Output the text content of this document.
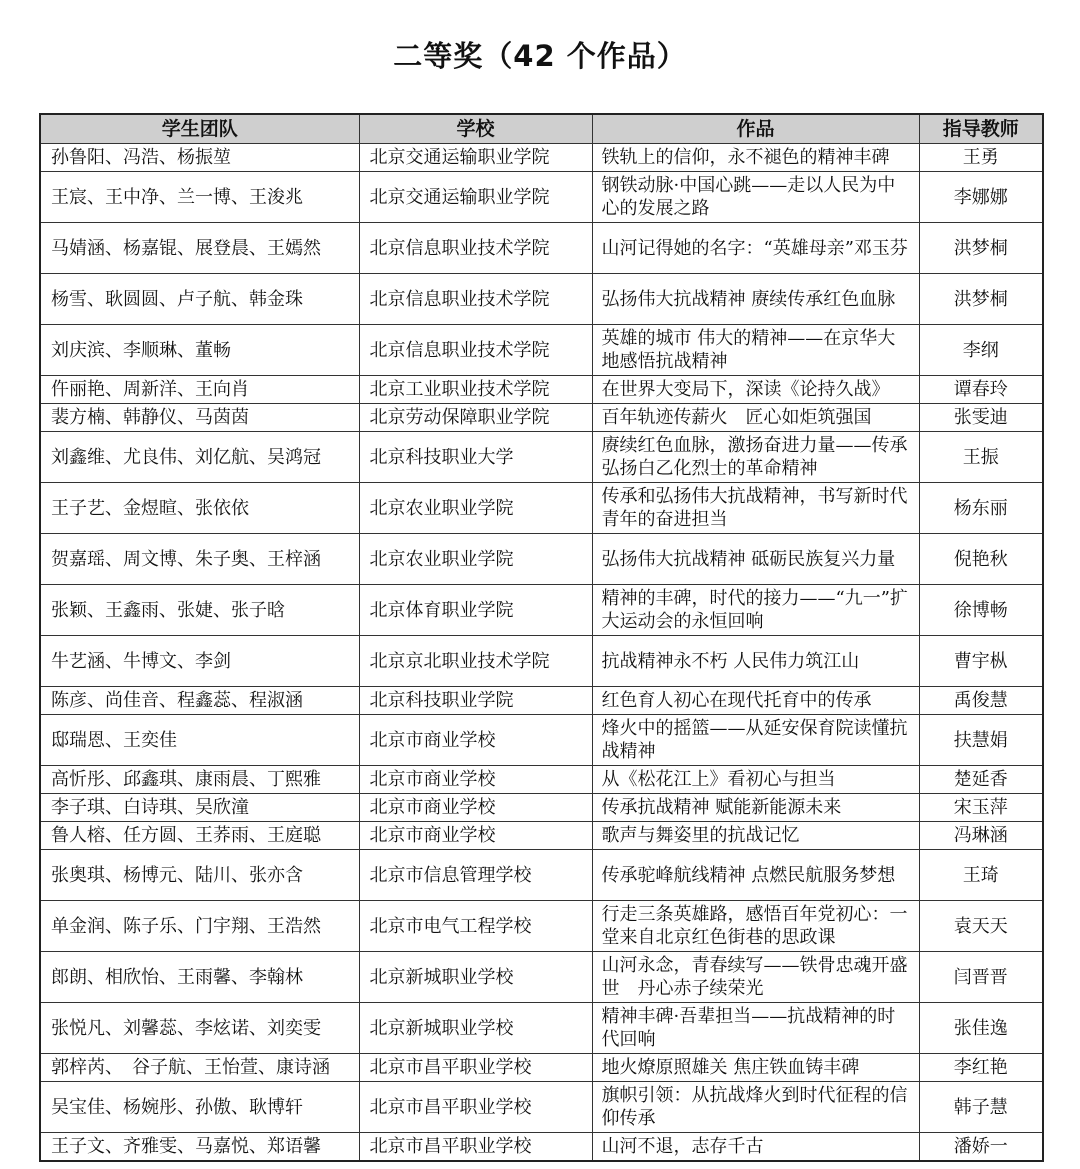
二等奖（42 个作品）
学生团队	学校	作品	指导教师
孙鲁阳、冯浩、杨振堃	北京交通运输职业学院	铁轨上的信仰，永不褪色的精神丰碑	王勇
王宸、王中净、兰一博、王浚兆	北京交通运输职业学院	钢铁动脉·中国心跳——走以人民为中心的发展之路	李娜娜
马婧涵、杨嘉锟、展登晨、王嫣然	北京信息职业技术学院	山河记得她的名字：“英雄母亲”邓玉芬	洪梦桐
杨雪、耿圆圆、卢子航、韩金珠	北京信息职业技术学院	弘扬伟大抗战精神 赓续传承红色血脉	洪梦桐
刘庆滨、李顺琳、董畅	北京信息职业技术学院	英雄的城市 伟大的精神——在京华大地感悟抗战精神	李纲
仵丽艳、周新洋、王向肖	北京工业职业技术学院	在世界大变局下，深读《论持久战》	谭春玲
裴方楠、韩静仪、马茵茵	北京劳动保障职业学院	百年轨迹传薪火　匠心如炬筑强国	张雯迪
刘鑫维、尤良伟、刘亿航、吴鸿冠	北京科技职业大学	赓续红色血脉，激扬奋进力量——传承弘扬白乙化烈士的革命精神	王振
王子艺、金煜暄、张依依	北京农业职业学院	传承和弘扬伟大抗战精神，书写新时代青年的奋进担当	杨东丽
贺嘉瑶、周文博、朱子奥、王梓涵	北京农业职业学院	弘扬伟大抗战精神 砥砺民族复兴力量	倪艳秋
张颖、王鑫雨、张婕、张子晗	北京体育职业学院	精神的丰碑，时代的接力——“九一”扩大运动会的永恒回响	徐博畅
牛艺涵、牛博文、李剑	北京京北职业技术学院	抗战精神永不朽 人民伟力筑江山	曹宇枞
陈彦、尚佳音、程鑫蕊、程淑涵	北京科技职业学院	红色育人初心在现代托育中的传承	禹俊慧
邸瑞恩、王奕佳	北京市商业学校	烽火中的摇篮——从延安保育院读懂抗战精神	扶慧娟
高忻彤、邱鑫琪、康雨晨、丁熙雅	北京市商业学校	从《松花江上》看初心与担当	楚延香
李子琪、白诗琪、吴欣潼	北京市商业学校	传承抗战精神 赋能新能源未来	宋玉萍
鲁人榕、任方圆、王荞雨、王庭聪	北京市商业学校	歌声与舞姿里的抗战记忆	冯琳涵
张奥琪、杨博元、陆川、张亦含	北京市信息管理学校	传承驼峰航线精神 点燃民航服务梦想	王琦
单金润、陈子乐、门宇翔、王浩然	北京市电气工程学校	行走三条英雄路，感悟百年党初心：一堂来自北京红色街巷的思政课	袁天天
郎朗、相欣怡、王雨馨、李翰林	北京新城职业学校	山河永念，青春续写——铁骨忠魂开盛世　丹心赤子续荣光	闫晋晋
张悦凡、刘馨蕊、李炫诺、刘奕雯	北京新城职业学校	精神丰碑·吾辈担当——抗战精神的时代回响	张佳逸
郭梓芮、　谷子航、王怡萱、康诗涵	北京市昌平职业学校	地火燎原照雄关 焦庄铁血铸丰碑	李红艳
吴宝佳、杨婉彤、孙傲、耿博轩	北京市昌平职业学校	旗帜引领：从抗战烽火到时代征程的信仰传承	韩子慧
王子文、齐雅雯、马嘉悦、郑语馨	北京市昌平职业学校	山河不退，志存千古	潘娇一
